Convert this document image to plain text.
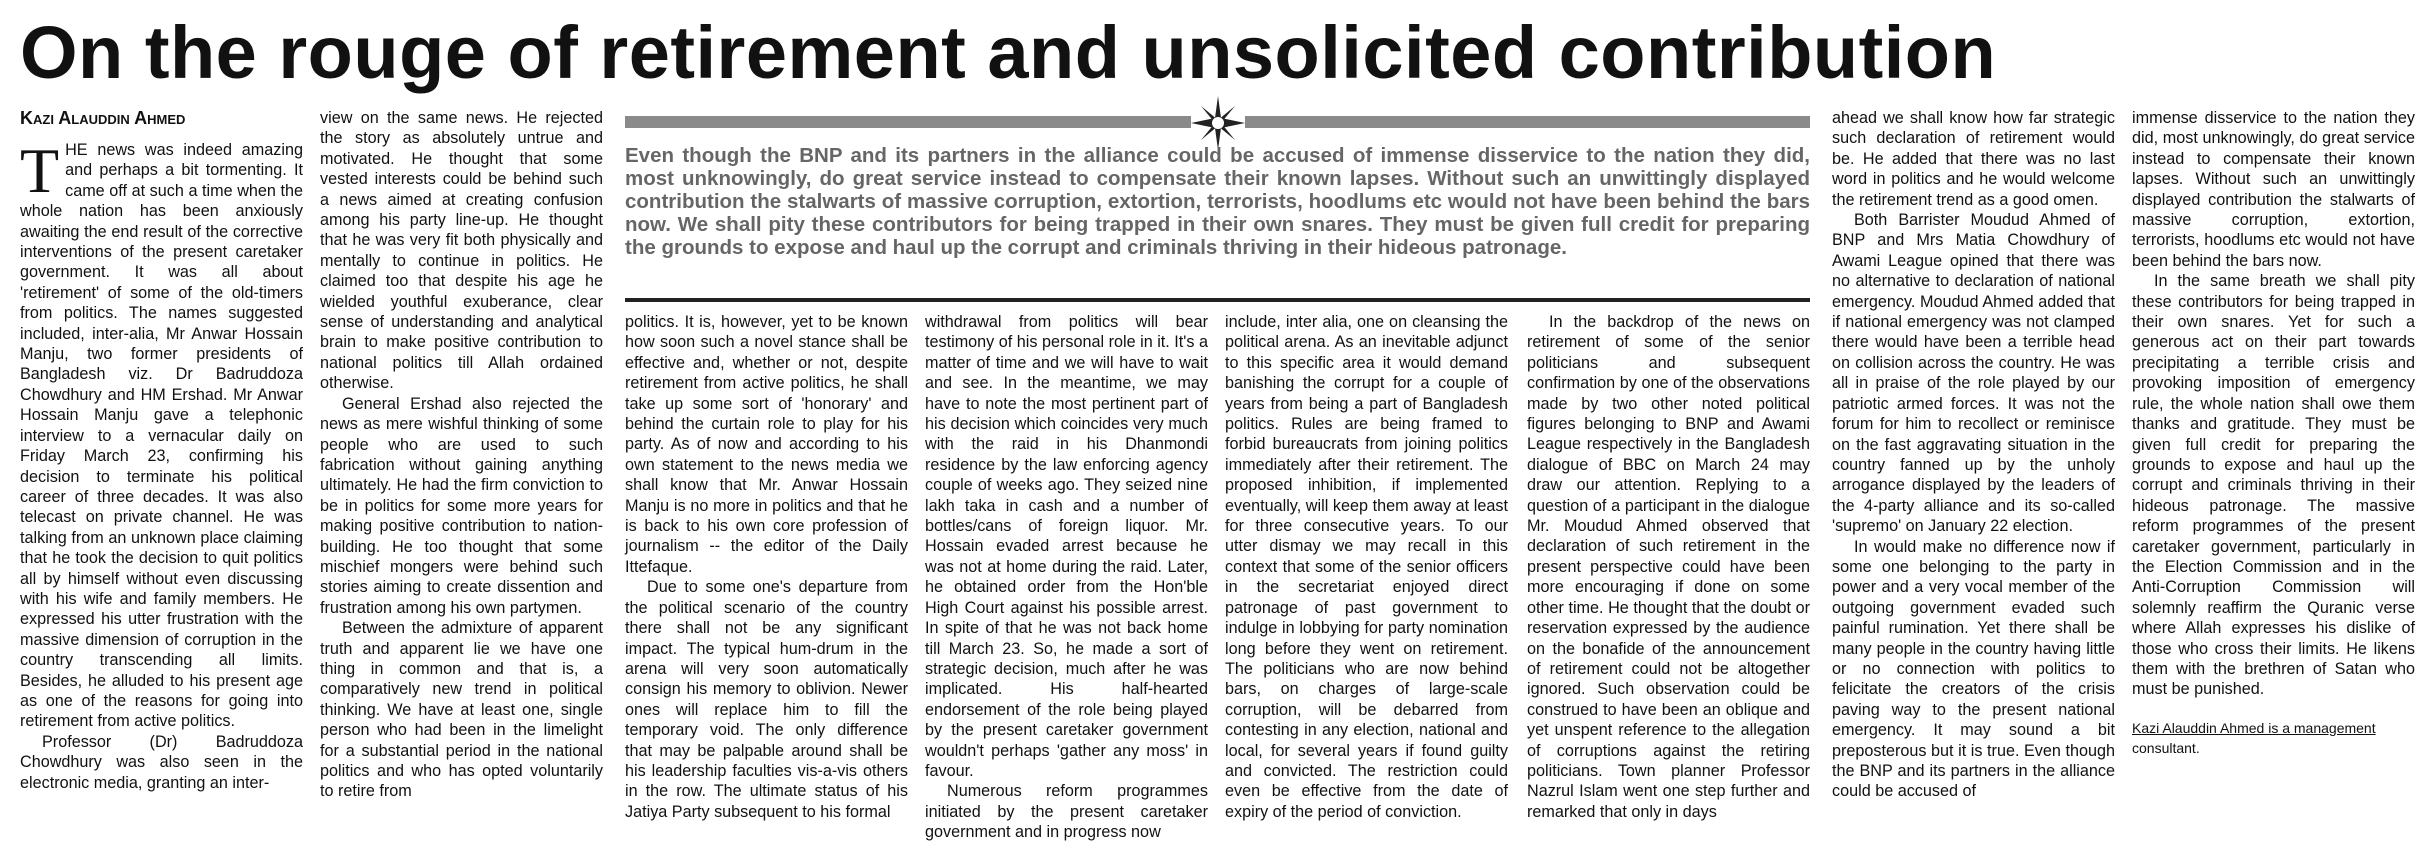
On the rouge of retirement and unsolicited contribution
Kazi Alauddin Ahmed

THE news was indeed amazing and perhaps a bit tormenting. It came off at such a time when the whole nation has been anxiously awaiting the end result of the corrective interventions of the present caretaker government. It was all about 'retirement' of some of the old-timers from politics. The names suggested included, inter-alia, Mr Anwar Hossain Manju, two former presidents of Bangladesh viz. Dr Badruddoza Chowdhury and HM Ershad. Mr Anwar Hossain Manju gave a telephonic interview to a vernacular daily on Friday March 23, confirming his decision to terminate his political career of three decades. It was also telecast on private channel. He was talking from an unknown place claiming that he took the decision to quit politics all by himself without even discussing with his wife and family members. He expressed his utter frustration with the massive dimension of corruption in the country transcending all limits. Besides, he alluded to his present age as one of the reasons for going into retirement from active politics.

Professor (Dr) Badruddoza Chowdhury was also seen in the electronic media, granting an inter-

view on the same news. He rejected the story as absolutely untrue and motivated. He thought that some vested interests could be behind such a news aimed at creating confusion among his party line-up. He thought that he was very fit both physically and mentally to continue in politics. He claimed too that despite his age he wielded youthful exuberance, clear sense of understanding and analytical brain to make positive contribution to national politics till Allah ordained otherwise.

General Ershad also rejected the news as mere wishful thinking of some people who are used to such fabrication without gaining anything ultimately. He had the firm conviction to be in politics for some more years for making positive contribution to nation-building. He too thought that some mischief mongers were behind such stories aiming to create dissention and frustration among his own partymen.

Between the admixture of apparent truth and apparent lie we have one thing in common and that is, a comparatively new trend in political thinking. We have at least one, single person who had been in the limelight for a substantial period in the national politics and who has opted voluntarily to retire from

Even though the BNP and its partners in the alliance could be accused of immense disservice to the nation they did, most unknowingly, do great service instead to compensate their known lapses. Without such an unwittingly displayed contribution the stalwarts of massive corruption, extortion, terrorists, hoodlums etc would not have been behind the bars now. We shall pity these contributors for being trapped in their own snares. They must be given full credit for preparing the grounds to expose and haul up the corrupt and criminals thriving in their hideous patronage.

politics. It is, however, yet to be known how soon such a novel stance shall be effective and, whether or not, despite retirement from active politics, he shall take up some sort of 'honorary' and behind the curtain role to play for his party. As of now and according to his own statement to the news media we shall know that Mr. Anwar Hossain Manju is no more in politics and that he is back to his own core profession of journalism -- the editor of the Daily Ittefaque.

Due to some one's departure from the political scenario of the country there shall not be any significant impact. The typical hum-drum in the arena will very soon automatically consign his memory to oblivion. Newer ones will replace him to fill the temporary void. The only difference that may be palpable around shall be his leadership faculties vis-a-vis others in the row. The ultimate status of his Jatiya Party subsequent to his formal

withdrawal from politics will bear testimony of his personal role in it. It's a matter of time and we will have to wait and see. In the meantime, we may have to note the most pertinent part of his decision which coincides very much with the raid in his Dhanmondi residence by the law enforcing agency couple of weeks ago. They seized nine lakh taka in cash and a number of bottles/cans of foreign liquor. Mr. Hossain evaded arrest because he was not at home during the raid. Later, he obtained order from the Hon'ble High Court against his possible arrest. In spite of that he was not back home till March 23. So, he made a sort of strategic decision, much after he was implicated. His half-hearted endorsement of the role being played by the present caretaker government wouldn't perhaps 'gather any moss' in favour.

Numerous reform programmes initiated by the present caretaker government and in progress now

include, inter alia, one on cleansing the political arena. As an inevitable adjunct to this specific area it would demand banishing the corrupt for a couple of years from being a part of Bangladesh politics. Rules are being framed to forbid bureaucrats from joining politics immediately after their retirement. The proposed inhibition, if implemented eventually, will keep them away at least for three consecutive years. To our utter dismay we may recall in this context that some of the senior officers in the secretariat enjoyed direct patronage of past government to indulge in lobbying for party nomination long before they went on retirement. The politicians who are now behind bars, on charges of large-scale corruption, will be debarred from contesting in any election, national and local, for several years if found guilty and convicted. The restriction could even be effective from the date of expiry of the period of conviction.

In the backdrop of the news on retirement of some of the senior politicians and subsequent confirmation by one of the observations made by two other noted political figures belonging to BNP and Awami League respectively in the Bangladesh dialogue of BBC on March 24 may draw our attention. Replying to a question of a participant in the dialogue Mr. Moudud Ahmed observed that declaration of such retirement in the present perspective could have been more encouraging if done on some other time. He thought that the doubt or reservation expressed by the audience on the bonafide of the announcement of retirement could not be altogether ignored. Such observation could be construed to have been an oblique and yet unspent reference to the allegation of corruptions against the retiring politicians. Town planner Professor Nazrul Islam went one step further and remarked that only in days

ahead we shall know how far strategic such declaration of retirement would be. He added that there was no last word in politics and he would welcome the retirement trend as a good omen.

Both Barrister Moudud Ahmed of BNP and Mrs Matia Chowdhury of Awami League opined that there was no alternative to declaration of national emergency. Moudud Ahmed added that if national emergency was not clamped there would have been a terrible head on collision across the country. He was all in praise of the role played by our patriotic armed forces. It was not the forum for him to recollect or reminisce on the fast aggravating situation in the country fanned up by the unholy arrogance displayed by the leaders of the 4-party alliance and its so-called 'supremo' on January 22 election.

In would make no difference now if some one belonging to the party in power and a very vocal member of the outgoing government evaded such painful rumination. Yet there shall be many people in the country having little or no connection with politics to felicitate the creators of the crisis paving way to the present national emergency. It may sound a bit preposterous but it is true. Even though the BNP and its partners in the alliance could be accused of

immense disservice to the nation they did, most unknowingly, do great service instead to compensate their known lapses. Without such an unwittingly displayed contribution the stalwarts of massive corruption, extortion, terrorists, hoodlums etc would not have been behind the bars now.

In the same breath we shall pity these contributors for being trapped in their own snares. Yet for such a generous act on their part towards precipitating a terrible crisis and provoking imposition of emergency rule, the whole nation shall owe them thanks and gratitude. They must be given full credit for preparing the grounds to expose and haul up the corrupt and criminals thriving in their hideous patronage. The massive reform programmes of the present caretaker government, particularly in the Election Commission and in the Anti-Corruption Commission will solemnly reaffirm the Quranic verse where Allah expresses his dislike of those who cross their limits. He likens them with the brethren of Satan who must be punished.

Kazi Alauddin Ahmed is a management
consultant.
